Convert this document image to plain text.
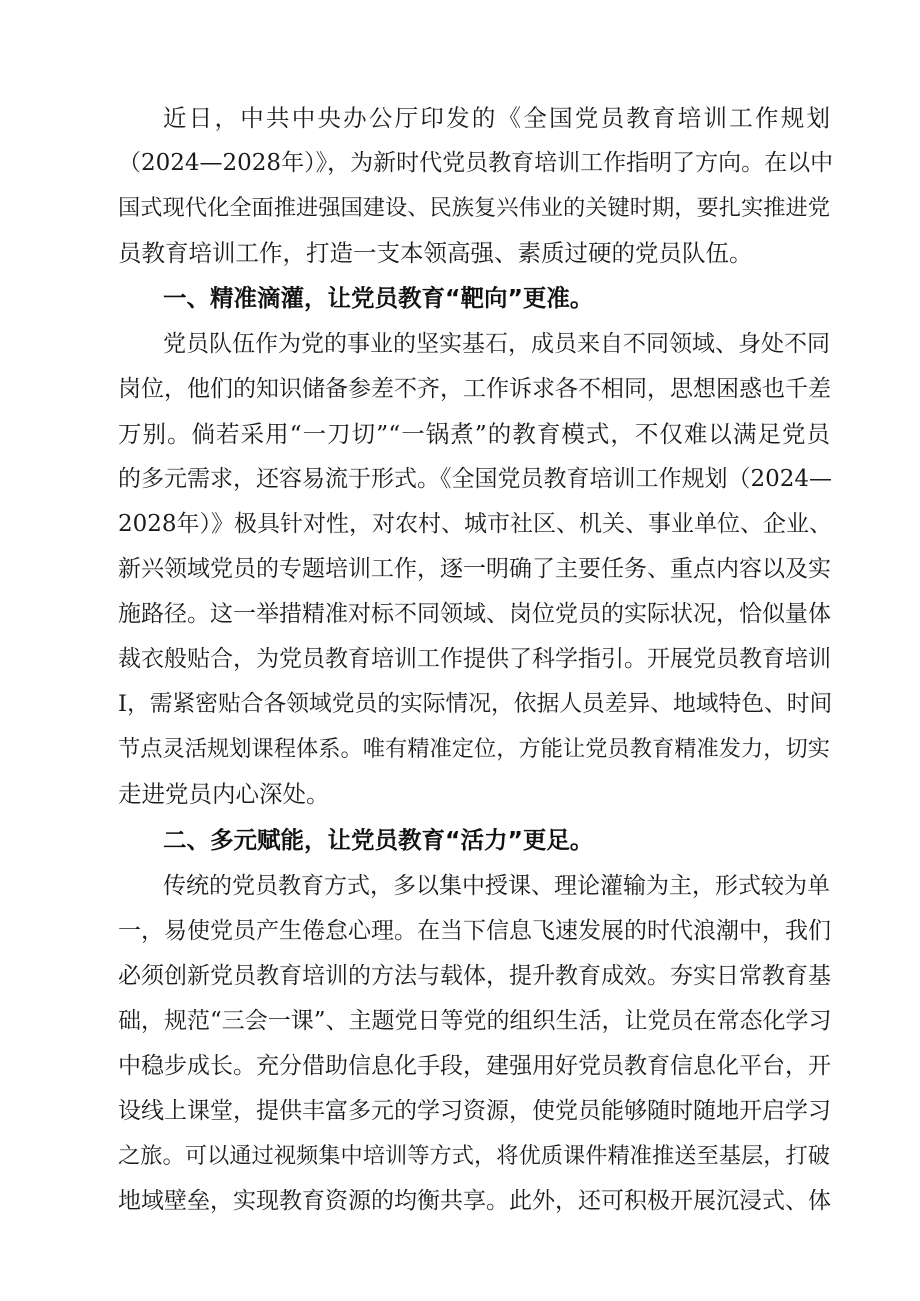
近日，中共中央办公厅印发的《全国党员教育培训工作规划
（2024—2028年）》，为新时代党员教育培训工作指明了方向。在以中
国式现代化全面推进强国建设、民族复兴伟业的关键时期，要扎实推进党
员教育培训工作，打造一支本领高强、素质过硬的党员队伍。
一、精准滴灌，让党员教育“靶向”更准。
党员队伍作为党的事业的坚实基石，成员来自不同领域、身处不同
岗位，他们的知识储备参差不齐，工作诉求各不相同，思想困惑也千差
万别。倘若采用“一刀切”“一锅煮”的教育模式，不仅难以满足党员
的多元需求，还容易流于形式。《全国党员教育培训工作规划（2024—
2028年）》极具针对性，对农村、城市社区、机关、事业单位、企业、
新兴领域党员的专题培训工作，逐一明确了主要任务、重点内容以及实
施路径。这一举措精准对标不同领域、岗位党员的实际状况，恰似量体
裁衣般贴合，为党员教育培训工作提供了科学指引。开展党员教育培训
I，需紧密贴合各领域党员的实际情况，依据人员差异、地域特色、时间
节点灵活规划课程体系。唯有精准定位，方能让党员教育精准发力，切实
走进党员内心深处。
二、多元赋能，让党员教育“活力”更足。
传统的党员教育方式，多以集中授课、理论灌输为主，形式较为单
一，易使党员产生倦怠心理。在当下信息飞速发展的时代浪潮中，我们
必须创新党员教育培训的方法与载体，提升教育成效。夯实日常教育基
础，规范“三会一课”、主题党日等党的组织生活，让党员在常态化学习
中稳步成长。充分借助信息化手段，建强用好党员教育信息化平台，开
设线上课堂，提供丰富多元的学习资源，使党员能够随时随地开启学习
之旅。可以通过视频集中培训等方式，将优质课件精准推送至基层，打破
地域壁垒，实现教育资源的均衡共享。此外，还可积极开展沉浸式、体
